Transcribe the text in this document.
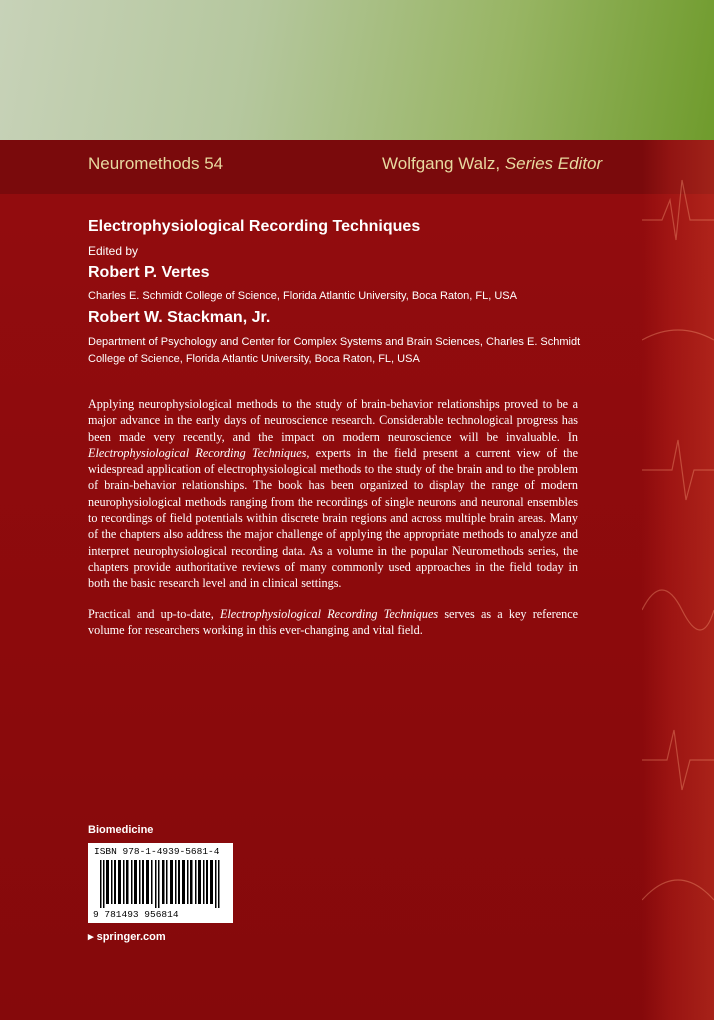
Neuromethods 54	Wolfgang Walz, Series Editor
Electrophysiological Recording Techniques
Edited by
Robert P. Vertes
Charles E. Schmidt College of Science, Florida Atlantic University, Boca Raton, FL, USA
Robert W. Stackman, Jr.
Department of Psychology and Center for Complex Systems and Brain Sciences, Charles E. Schmidt College of Science, Florida Atlantic University, Boca Raton, FL, USA

Applying neurophysiological methods to the study of brain-behavior relationships proved to be a major advance in the early days of neuroscience research. Considerable technological progress has been made very recently, and the impact on modern neuroscience will be invaluable. In Electrophysiological Recording Techniques, experts in the field present a current view of the widespread application of electrophysiological methods to the study of the brain and to the problem of brain-behavior relationships. The book has been organized to display the range of modern neurophysiological methods ranging from the recordings of single neurons and neuronal ensembles to recordings of field potentials within discrete brain regions and across multiple brain areas. Many of the chapters also address the major challenge of applying the appropriate methods to analyze and interpret neurophysiological recording data. As a volume in the popular Neuromethods series, the chapters provide authoritative reviews of many commonly used approaches in the field today in both the basic research level and in clinical settings.

Practical and up-to-date, Electrophysiological Recording Techniques serves as a key reference volume for researchers working in this ever-changing and vital field.

Biomedicine
ISBN 978-1-4939-5681-4
9 781493 956814
▸ springer.com
